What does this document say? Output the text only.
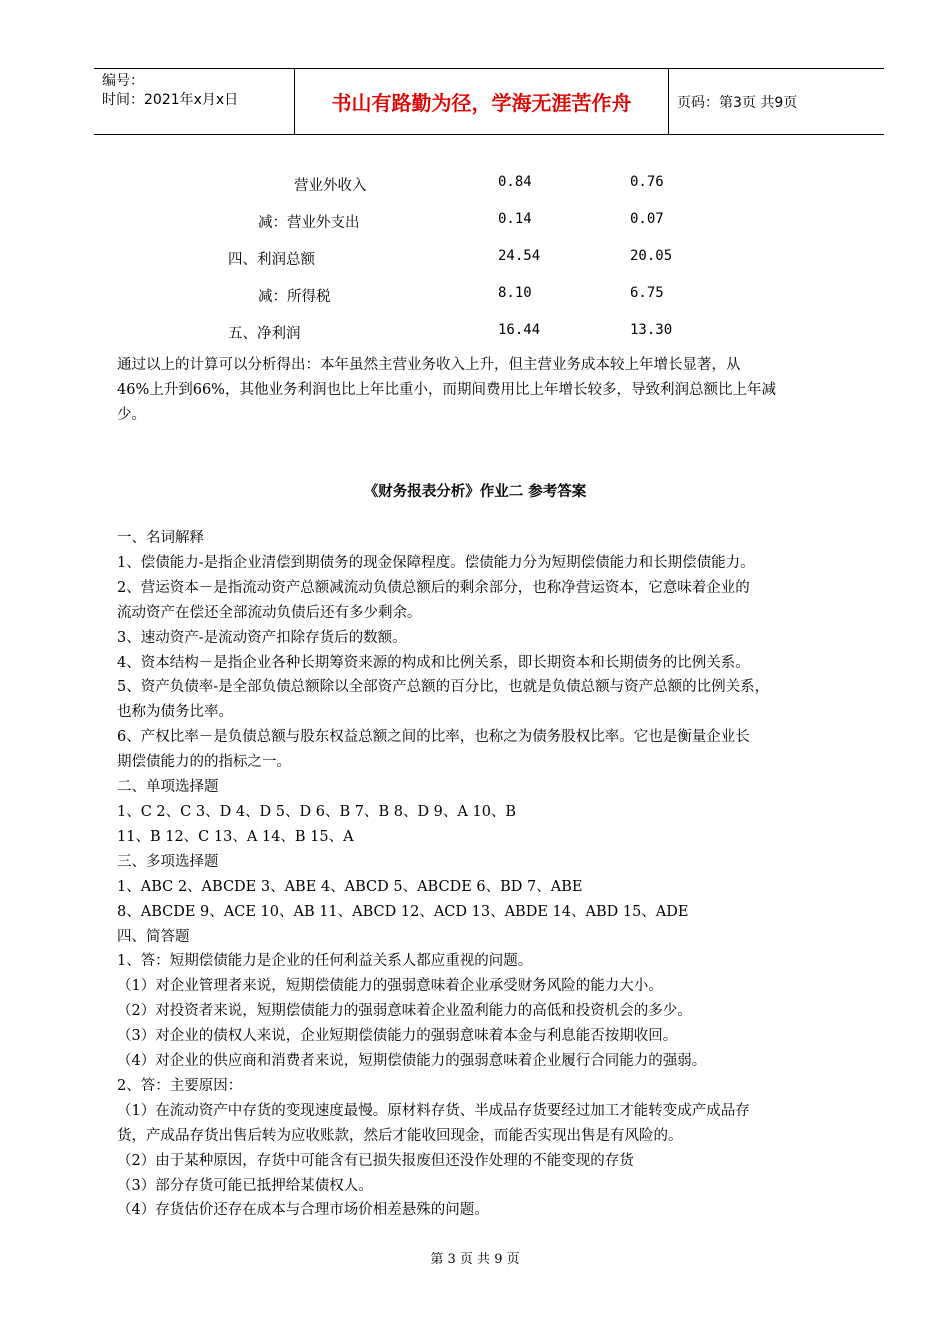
编号：
时间：2021年x月x日	书山有路勤为径，学海无涯苦作舟	页码：第3页 共9页
营业外收入	0.84	0.76
减：营业外支出	0.14	0.07
四、利润总额	24.54	20.05
减：所得税	8.10	6.75
五、净利润	16.44	13.30
通过以上的计算可以分析得出：本年虽然主营业务收入上升，但主营业务成本较上年增长显著，从
46%上升到66%，其他业务利润也比上年比重小，而期间费用比上年增长较多，导致利润总额比上年减
少。
《财务报表分析》作业二 参考答案
一、名词解释
1、偿债能力-是指企业清偿到期债务的现金保障程度。偿债能力分为短期偿债能力和长期偿债能力。
2、营运资本－是指流动资产总额减流动负债总额后的剩余部分，也称净营运资本，它意味着企业的
流动资产在偿还全部流动负债后还有多少剩余。
3、速动资产-是流动资产扣除存货后的数额。
4、资本结构－是指企业各种长期筹资来源的构成和比例关系，即长期资本和长期债务的比例关系。
5、资产负债率-是全部负债总额除以全部资产总额的百分比，也就是负债总额与资产总额的比例关系，
也称为债务比率。
6、产权比率－是负债总额与股东权益总额之间的比率，也称之为债务股权比率。它也是衡量企业长
期偿债能力的的指标之一。
二、单项选择题
1、C 2、C 3、D 4、D 5、D 6、B 7、B 8、D 9、A 10、B
11、B 12、C 13、A 14、B 15、A
三、多项选择题
1、ABC 2、ABCDE 3、ABE 4、ABCD 5、ABCDE 6、BD 7、ABE
8、ABCDE 9、ACE 10、AB 11、ABCD 12、ACD 13、ABDE 14、ABD 15、ADE
四、简答题
1、答：短期偿债能力是企业的任何利益关系人都应重视的问题。
（1）对企业管理者来说，短期偿债能力的强弱意味着企业承受财务风险的能力大小。
（2）对投资者来说，短期偿债能力的强弱意味着企业盈利能力的高低和投资机会的多少。
（3）对企业的债权人来说，企业短期偿债能力的强弱意味着本金与利息能否按期收回。
（4）对企业的供应商和消费者来说，短期偿债能力的强弱意味着企业履行合同能力的强弱。
2、答：主要原因：
（1）在流动资产中存货的变现速度最慢。原材料存货、半成品存货要经过加工才能转变成产成品存
货，产成品存货出售后转为应收账款，然后才能收回现金，而能否实现出售是有风险的。
（2）由于某种原因，存货中可能含有已损失报废但还没作处理的不能变现的存货
（3）部分存货可能已抵押给某债权人。
（4）存货估价还存在成本与合理市场价相差悬殊的问题。
第 3 页 共 9 页
